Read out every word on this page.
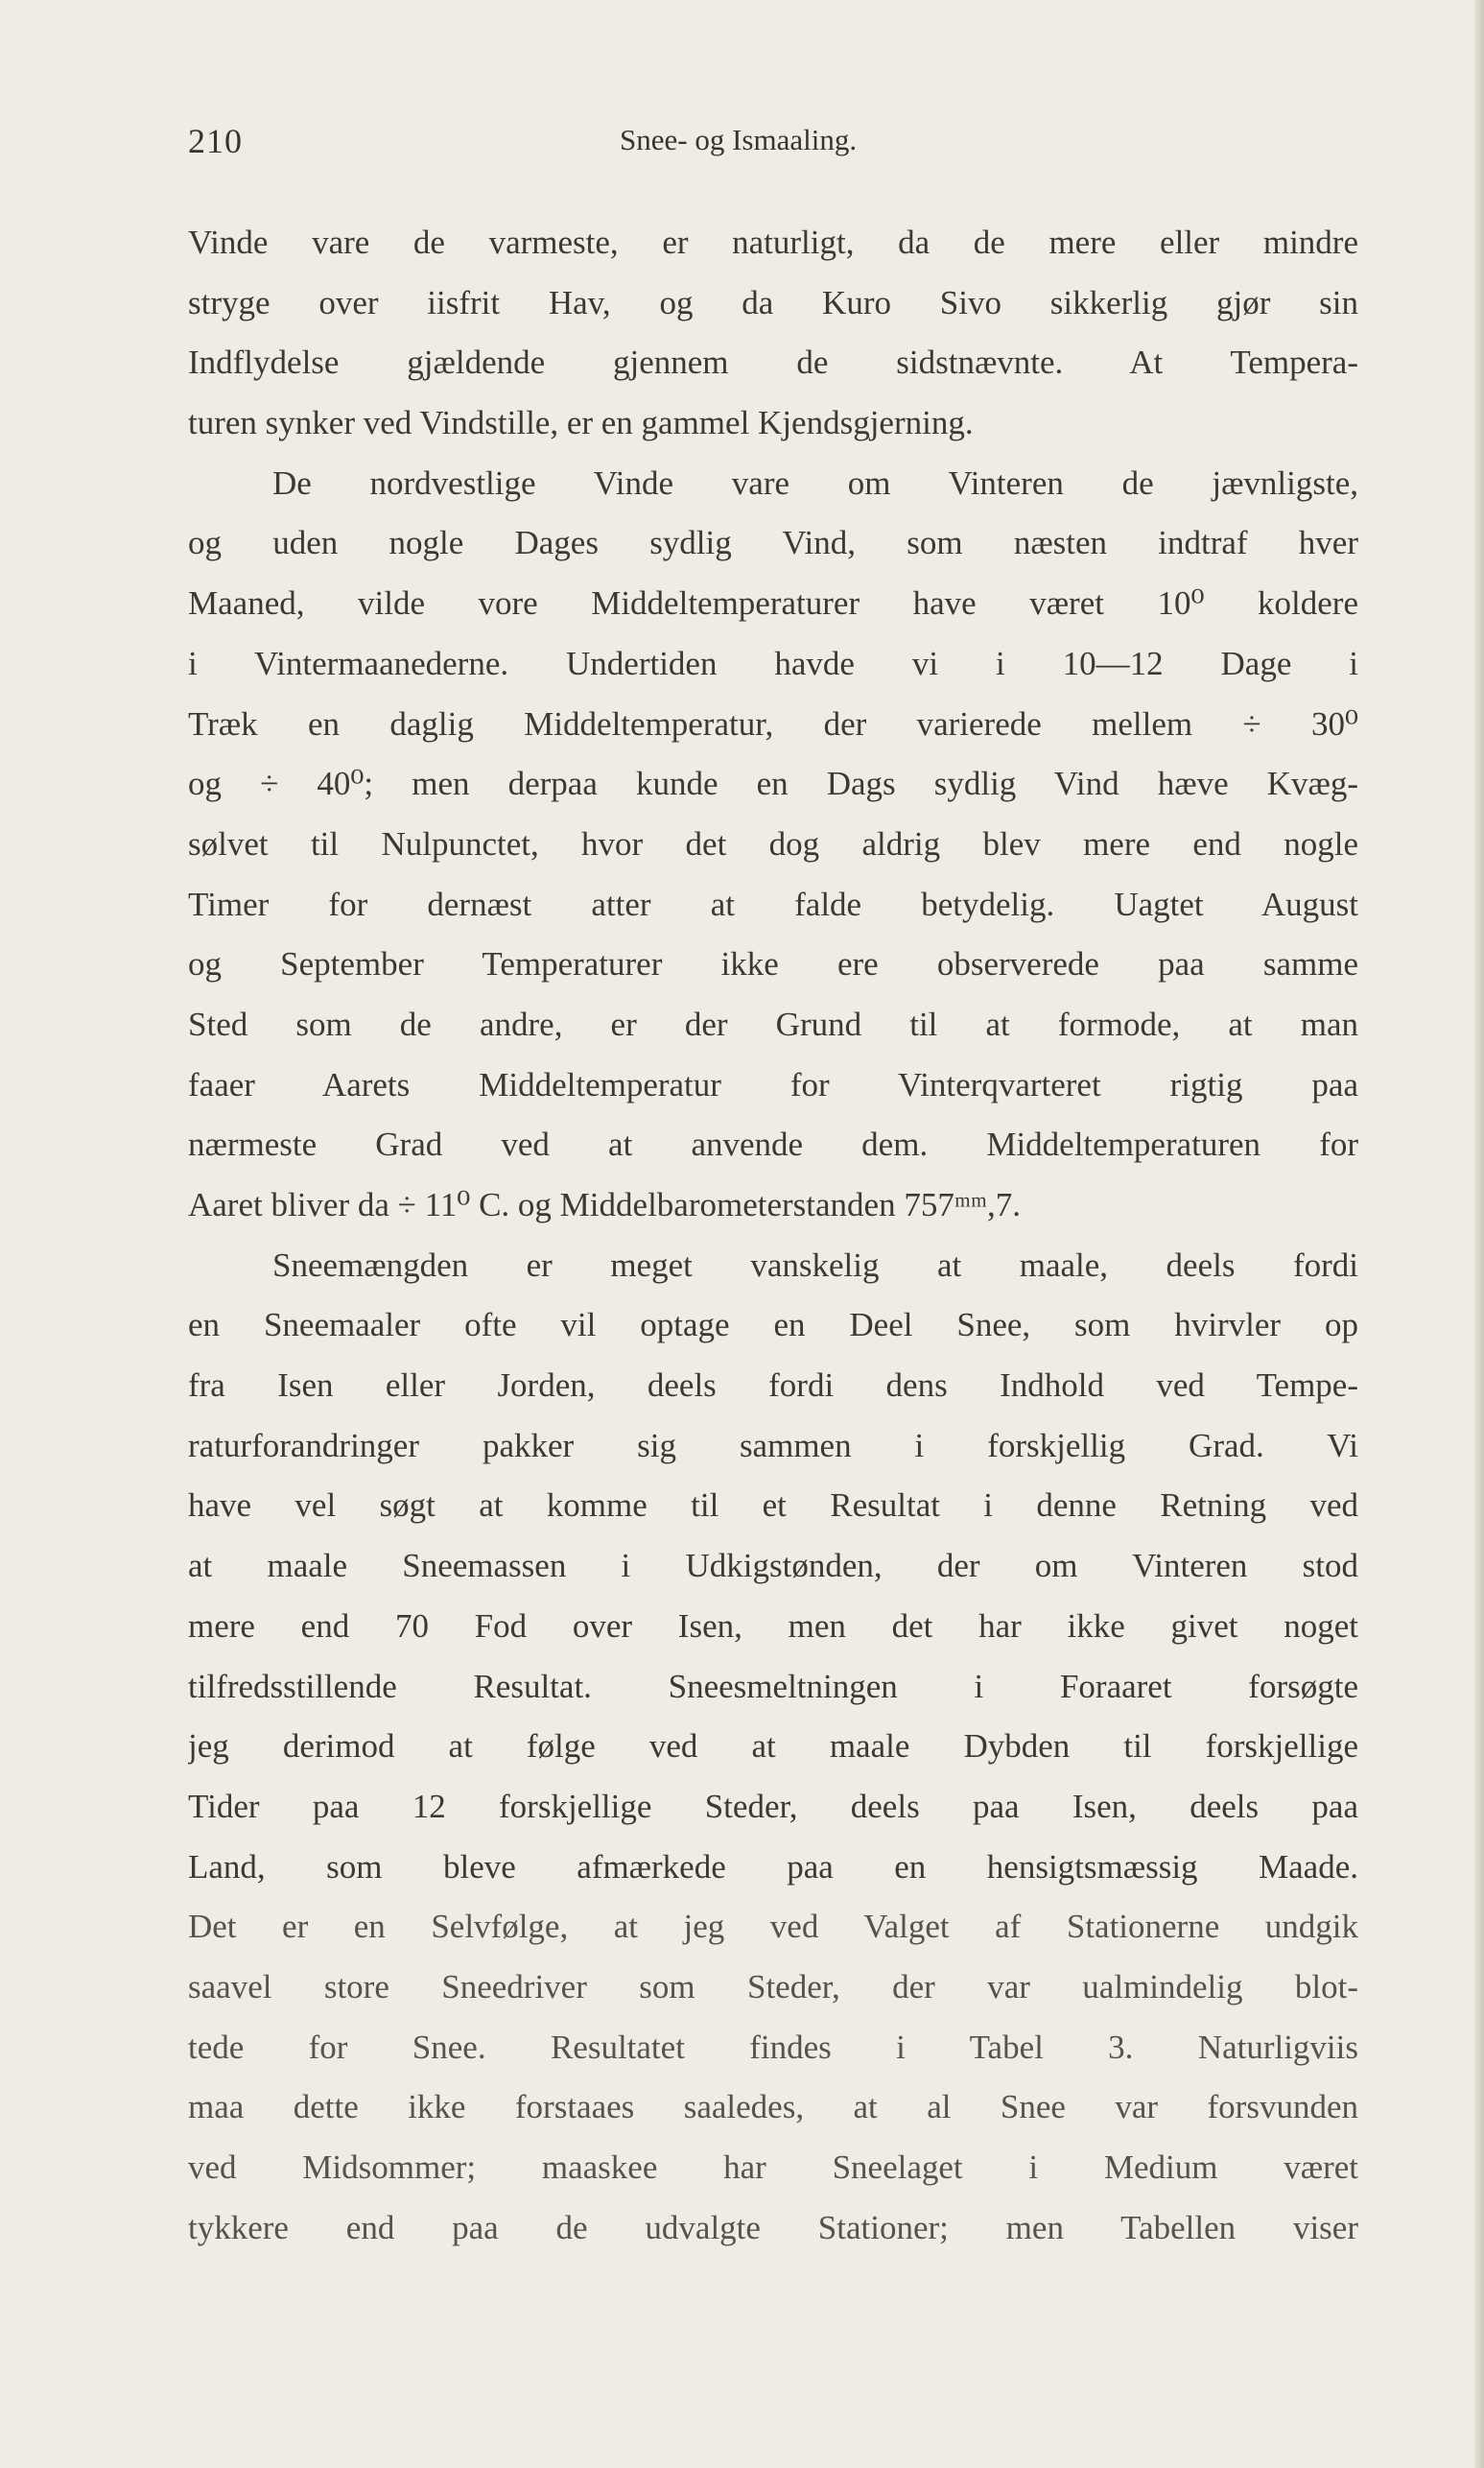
210	Snee- og Ismaaling.
Vinde vare de varmeste, er naturligt, da de mere eller mindre
stryge over iisfrit Hav, og da Kuro Sivo sikkerlig gjør sin
Indflydelse gjældende gjennem de sidstnævnte. At Tempera-
turen synker ved Vindstille, er en gammel Kjendsgjerning.
De nordvestlige Vinde vare om Vinteren de jævnligste,
og uden nogle Dages sydlig Vind, som næsten indtraf hver
Maaned, vilde vore Middeltemperaturer have været 10⁰ koldere
i Vintermaanederne. Undertiden havde vi i 10—12 Dage i
Træk en daglig Middeltemperatur, der varierede mellem ÷ 30⁰
og ÷ 40⁰; men derpaa kunde en Dags sydlig Vind hæve Kvæg-
sølvet til Nulpunctet, hvor det dog aldrig blev mere end nogle
Timer for dernæst atter at falde betydelig. Uagtet August
og September Temperaturer ikke ere observerede paa samme
Sted som de andre, er der Grund til at formode, at man
faaer Aarets Middeltemperatur for Vinterqvarteret rigtig paa
nærmeste Grad ved at anvende dem. Middeltemperaturen for
Aaret bliver da ÷ 11⁰ C. og Middelbarometerstanden 757ᵐᵐ,7.
Sneemængden er meget vanskelig at maale, deels fordi
en Sneemaaler ofte vil optage en Deel Snee, som hvirvler op
fra Isen eller Jorden, deels fordi dens Indhold ved Tempe-
raturforandringer pakker sig sammen i forskjellig Grad. Vi
have vel søgt at komme til et Resultat i denne Retning ved
at maale Sneemassen i Udkigstønden, der om Vinteren stod
mere end 70 Fod over Isen, men det har ikke givet noget
tilfredsstillende Resultat. Sneesmeltningen i Foraaret forsøgte
jeg derimod at følge ved at maale Dybden til forskjellige
Tider paa 12 forskjellige Steder, deels paa Isen, deels paa
Land, som bleve afmærkede paa en hensigtsmæssig Maade.
Det er en Selvfølge, at jeg ved Valget af Stationerne undgik
saavel store Sneedriver som Steder, der var ualmindelig blot-
tede for Snee. Resultatet findes i Tabel 3. Naturligviis
maa dette ikke forstaaes saaledes, at al Snee var forsvunden
ved Midsommer; maaskee har Sneelaget i Medium været
tykkere end paa de udvalgte Stationer; men Tabellen viser
